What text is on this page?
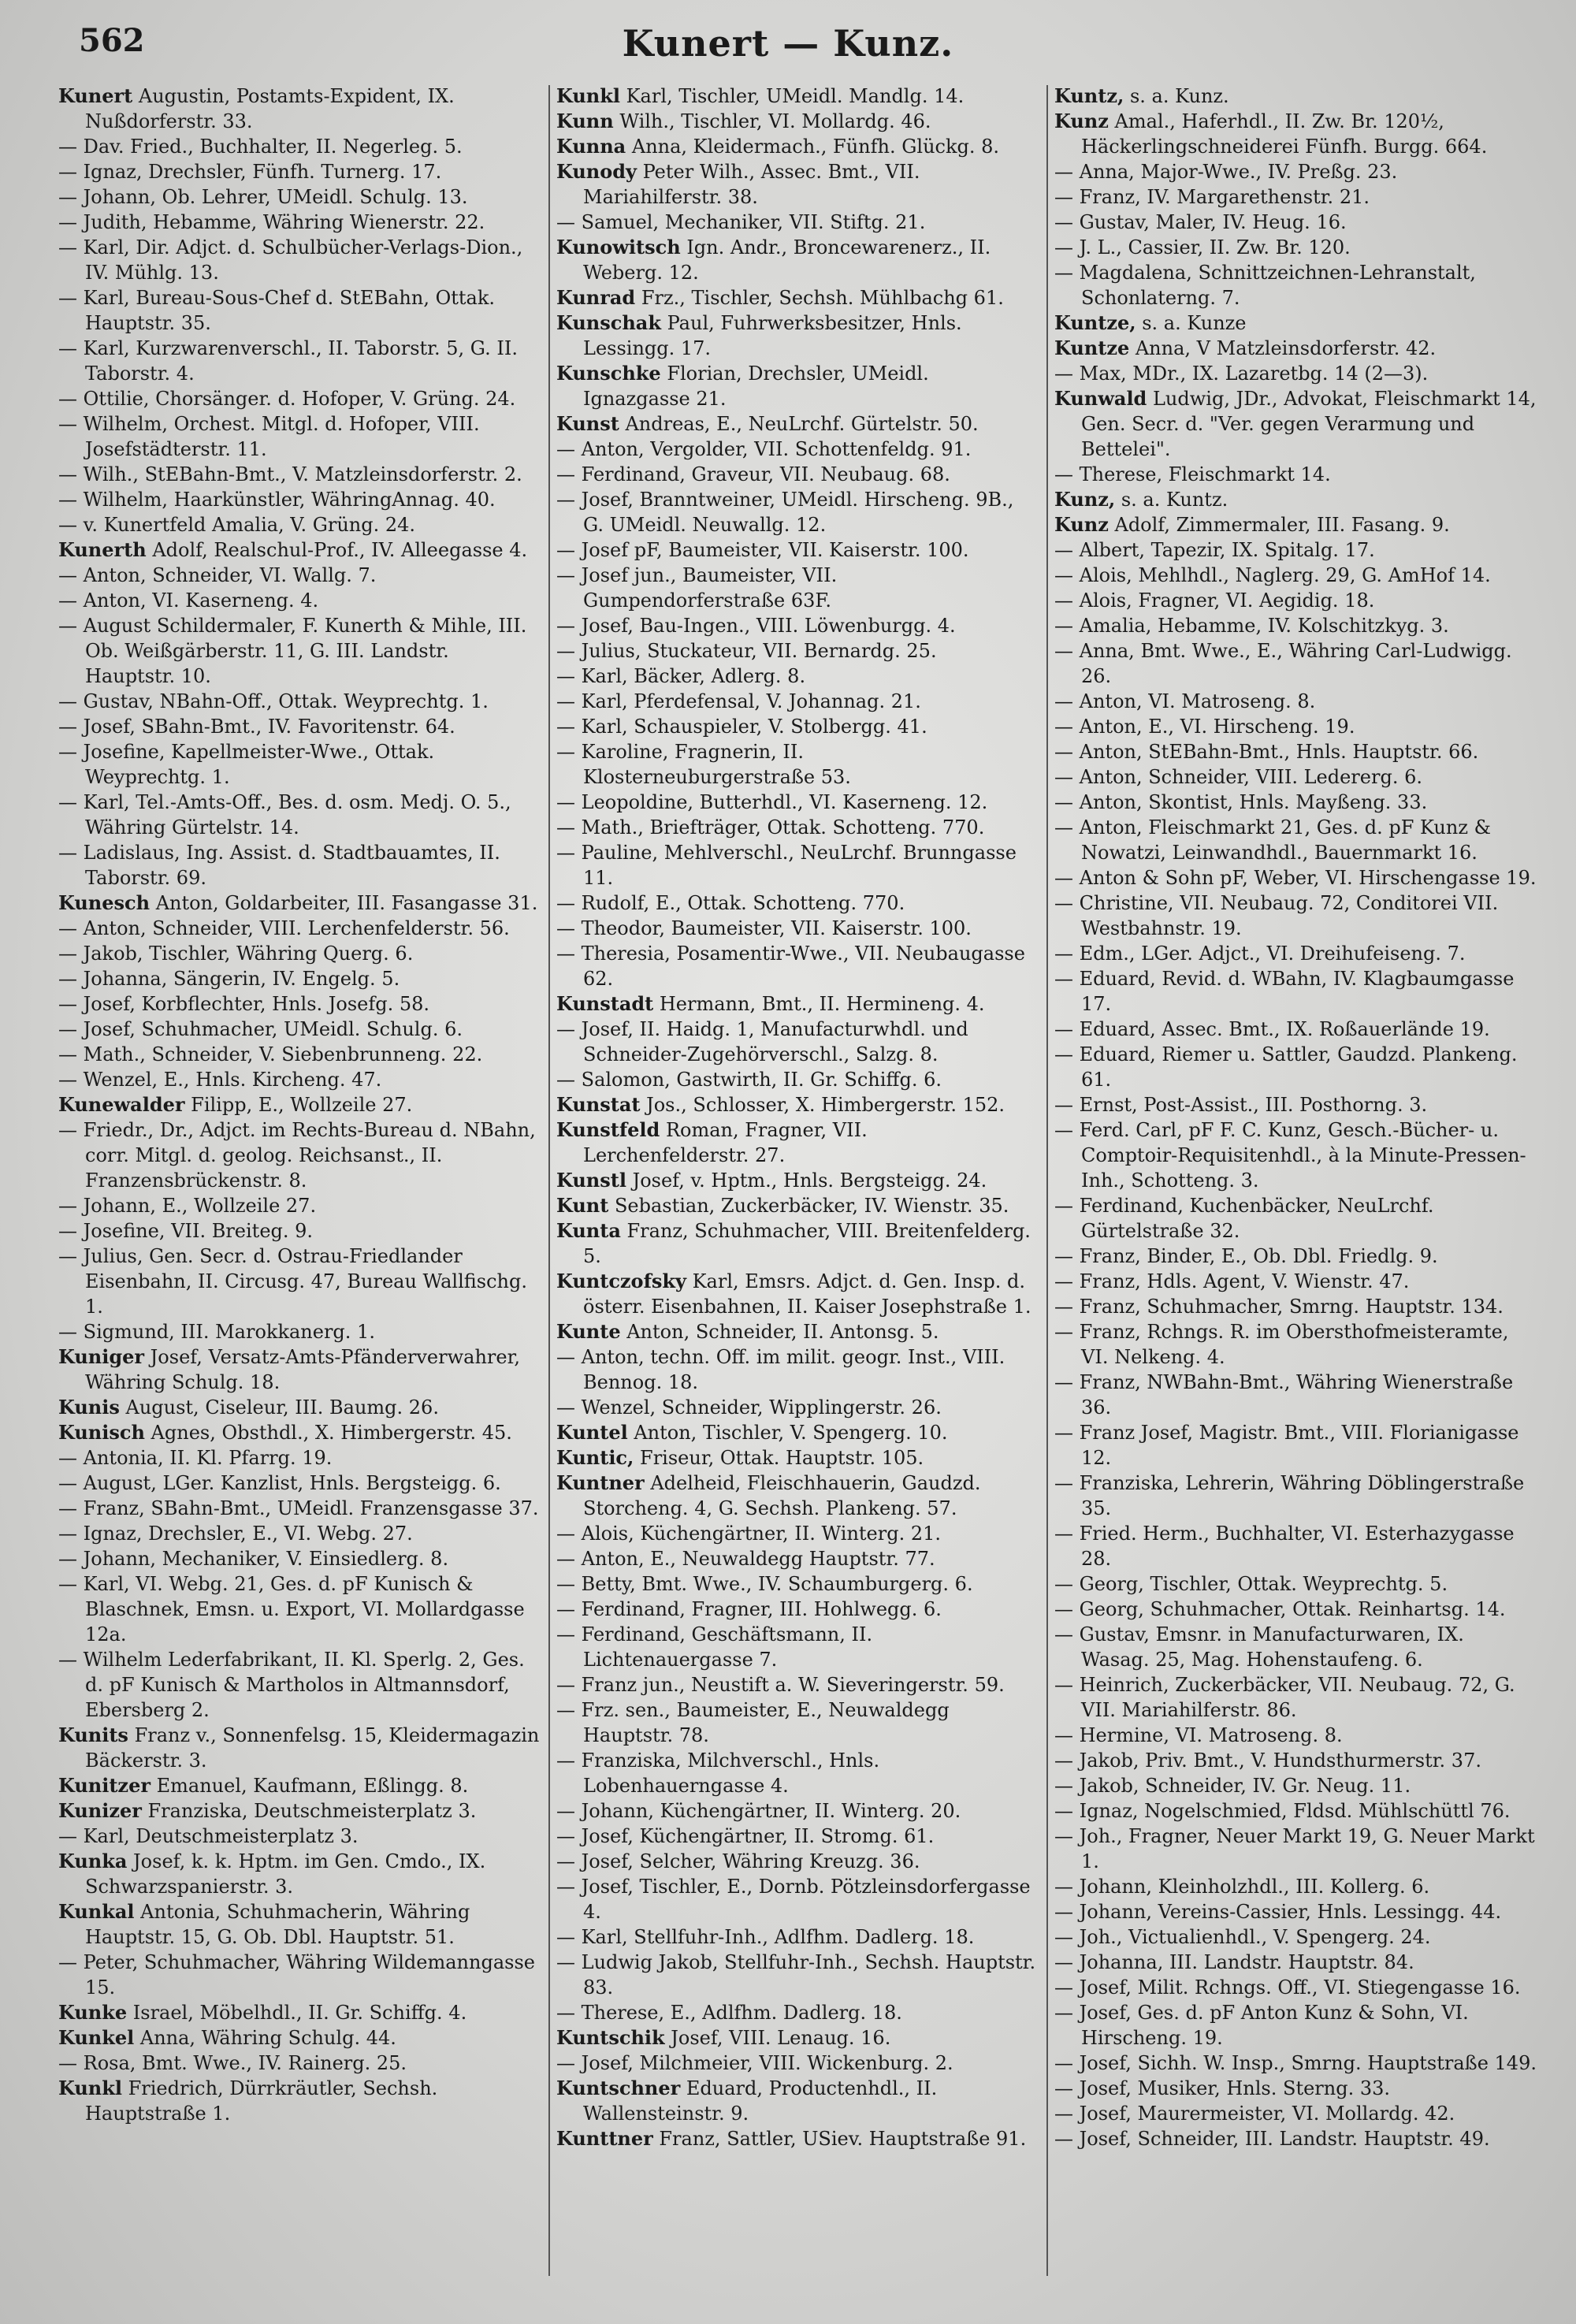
562	Kunert — Kunz.
Kunert Augustin, Postamts-Expident, IX. Nußdorferstr. 33.
— Dav. Fried., Buchhalter, II. Negerleg. 5.
— Ignaz, Drechsler, Fünfh. Turnerg. 17.
— Johann, Ob. Lehrer, UMeidl. Schulg. 13.
— Judith, Hebamme, Währing Wienerstr. 22.
— Karl, Dir. Adjct. d. Schulbücher-Verlags-Dion., IV. Mühlg. 13.
— Karl, Bureau-Sous-Chef d. StEBahn, Ottak. Hauptstr. 35.
— Karl, Kurzwarenverschl., II. Taborstr. 5, G. II. Taborstr. 4.
— Ottilie, Chorsänger. d. Hofoper, V. Grüng. 24.
— Wilhelm, Orchest. Mitgl. d. Hofoper, VIII. Josefstädterstr. 11.
— Wilh., StEBahn-Bmt., V. Matzleinsdorferstr. 2.
— Wilhelm, Haarkünstler, WähringAnnag. 40.
— v. Kunertfeld Amalia, V. Grüng. 24.
Kunerth Adolf, Realschul-Prof., IV. Alleegasse 4.
— Anton, Schneider, VI. Wallg. 7.
— Anton, VI. Kaserneng. 4.
— August Schildermaler, F. Kunerth & Mihle, III. Ob. Weißgärberstr. 11, G. III. Landstr. Hauptstr. 10.
— Gustav, NBahn-Off., Ottak. Weyprechtg. 1.
— Josef, SBahn-Bmt., IV. Favoritenstr. 64.
— Josefine, Kapellmeister-Wwe., Ottak. Weyprechtg. 1.
— Karl, Tel.-Amts-Off., Bes. d. osm. Medj. O. 5., Währing Gürtelstr. 14.
— Ladislaus, Ing. Assist. d. Stadtbauamtes, II. Taborstr. 69.
Kunesch Anton, Goldarbeiter, III. Fasangasse 31.
— Anton, Schneider, VIII. Lerchenfelderstr. 56.
— Jakob, Tischler, Währing Querg. 6.
— Johanna, Sängerin, IV. Engelg. 5.
— Josef, Korbflechter, Hnls. Josefg. 58.
— Josef, Schuhmacher, UMeidl. Schulg. 6.
— Math., Schneider, V. Siebenbrunneng. 22.
— Wenzel, E., Hnls. Kircheng. 47.
Kunewalder Filipp, E., Wollzeile 27.
— Friedr., Dr., Adjct. im Rechts-Bureau d. NBahn, corr. Mitgl. d. geolog. Reichsanst., II. Franzensbrückenstr. 8.
— Johann, E., Wollzeile 27.
— Josefine, VII. Breiteg. 9.
— Julius, Gen. Secr. d. Ostrau-Friedlander Eisenbahn, II. Circusg. 47, Bureau Wallfischg. 1.
— Sigmund, III. Marokkanerg. 1.
Kuniger Josef, Versatz-Amts-Pfänderverwahrer, Währing Schulg. 18.
Kunis August, Ciseleur, III. Baumg. 26.
Kunisch Agnes, Obsthdl., X. Himbergerstr. 45.
— Antonia, II. Kl. Pfarrg. 19.
— August, LGer. Kanzlist, Hnls. Bergsteigg. 6.
— Franz, SBahn-Bmt., UMeidl. Franzensgasse 37.
— Ignaz, Drechsler, E., VI. Webg. 27.
— Johann, Mechaniker, V. Einsiedlerg. 8.
— Karl, VI. Webg. 21, Ges. d. pF Kunisch & Blaschnek, Emsn. u. Export, VI. Mollardgasse 12a.
— Wilhelm Lederfabrikant, II. Kl. Sperlg. 2, Ges. d. pF Kunisch & Martholos in Altmannsdorf, Ebersberg 2.
Kunits Franz v., Sonnenfelsg. 15, Kleidermagazin Bäckerstr. 3.
Kunitzer Emanuel, Kaufmann, Eßlingg. 8.
Kunizer Franziska, Deutschmeisterplatz 3.
— Karl, Deutschmeisterplatz 3.
Kunka Josef, k. k. Hptm. im Gen. Cmdo., IX. Schwarzspanierstr. 3.
Kunkal Antonia, Schuhmacherin, Währing Hauptstr. 15, G. Ob. Dbl. Hauptstr. 51.
— Peter, Schuhmacher, Währing Wildemanngasse 15.
Kunke Israel, Möbelhdl., II. Gr. Schiffg. 4.
Kunkel Anna, Währing Schulg. 44.
— Rosa, Bmt. Wwe., IV. Rainerg. 25.
Kunkl Friedrich, Dürrkräutler, Sechsh. Hauptstraße 1.
Kunkl Karl, Tischler, UMeidl. Mandlg. 14.
Kunn Wilh., Tischler, VI. Mollardg. 46.
Kunna Anna, Kleidermach., Fünfh. Glückg. 8.
Kunody Peter Wilh., Assec. Bmt., VII. Mariahilferstr. 38.
— Samuel, Mechaniker, VII. Stiftg. 21.
Kunowitsch Ign. Andr., Broncewarenerz., II. Weberg. 12.
Kunrad Frz., Tischler, Sechsh. Mühlbachg 61.
Kunschak Paul, Fuhrwerksbesitzer, Hnls. Lessingg. 17.
Kunschke Florian, Drechsler, UMeidl. Ignazgasse 21.
Kunst Andreas, E., NeuLrchf. Gürtelstr. 50.
— Anton, Vergolder, VII. Schottenfeldg. 91.
— Ferdinand, Graveur, VII. Neubaug. 68.
— Josef, Branntweiner, UMeidl. Hirscheng. 9B., G. UMeidl. Neuwallg. 12.
— Josef pF, Baumeister, VII. Kaiserstr. 100.
— Josef jun., Baumeister, VII. Gumpendorferstraße 63F.
— Josef, Bau-Ingen., VIII. Löwenburgg. 4.
— Julius, Stuckateur, VII. Bernardg. 25.
— Karl, Bäcker, Adlerg. 8.
— Karl, Pferdefensal, V. Johannag. 21.
— Karl, Schauspieler, V. Stolbergg. 41.
— Karoline, Fragnerin, II. Klosterneuburgerstraße 53.
— Leopoldine, Butterhdl., VI. Kaserneng. 12.
— Math., Briefträger, Ottak. Schotteng. 770.
— Pauline, Mehlverschl., NeuLrchf. Brunngasse 11.
— Rudolf, E., Ottak. Schotteng. 770.
— Theodor, Baumeister, VII. Kaiserstr. 100.
— Theresia, Posamentir-Wwe., VII. Neubaugasse 62.
Kunstadt Hermann, Bmt., II. Hermineng. 4.
— Josef, II. Haidg. 1, Manufacturwhdl. und Schneider-Zugehörverschl., Salzg. 8.
— Salomon, Gastwirth, II. Gr. Schiffg. 6.
Kunstat Jos., Schlosser, X. Himbergerstr. 152.
Kunstfeld Roman, Fragner, VII. Lerchenfelderstr. 27.
Kunstl Josef, v. Hptm., Hnls. Bergsteigg. 24.
Kunt Sebastian, Zuckerbäcker, IV. Wienstr. 35.
Kunta Franz, Schuhmacher, VIII. Breitenfelderg. 5.
Kuntczofsky Karl, Emsrs. Adjct. d. Gen. Insp. d. österr. Eisenbahnen, II. Kaiser Josephstraße 1.
Kunte Anton, Schneider, II. Antonsg. 5.
— Anton, techn. Off. im milit. geogr. Inst., VIII. Bennog. 18.
— Wenzel, Schneider, Wipplingerstr. 26.
Kuntel Anton, Tischler, V. Spengerg. 10.
Kuntic, Friseur, Ottak. Hauptstr. 105.
Kuntner Adelheid, Fleischhauerin, Gaudzd. Storcheng. 4, G. Sechsh. Plankeng. 57.
— Alois, Küchengärtner, II. Winterg. 21.
— Anton, E., Neuwaldegg Hauptstr. 77.
— Betty, Bmt. Wwe., IV. Schaumburgerg. 6.
— Ferdinand, Fragner, III. Hohlwegg. 6.
— Ferdinand, Geschäftsmann, II. Lichtenauergasse 7.
— Franz jun., Neustift a. W. Sieveringerstr. 59.
— Frz. sen., Baumeister, E., Neuwaldegg Hauptstr. 78.
— Franziska, Milchverschl., Hnls. Lobenhauerngasse 4.
— Johann, Küchengärtner, II. Winterg. 20.
— Josef, Küchengärtner, II. Stromg. 61.
— Josef, Selcher, Währing Kreuzg. 36.
— Josef, Tischler, E., Dornb. Pötzleinsdorfergasse 4.
— Karl, Stellfuhr-Inh., Adlfhm. Dadlerg. 18.
— Ludwig Jakob, Stellfuhr-Inh., Sechsh. Hauptstr. 83.
— Therese, E., Adlfhm. Dadlerg. 18.
Kuntschik Josef, VIII. Lenaug. 16.
— Josef, Milchmeier, VIII. Wickenburg. 2.
Kuntschner Eduard, Productenhdl., II. Wallensteinstr. 9.
Kunttner Franz, Sattler, USiev. Hauptstraße 91.
Kuntz, s. a. Kunz.
Kunz Amal., Haferhdl., II. Zw. Br. 120½, Häckerlingschneiderei Fünfh. Burgg. 664.
— Anna, Major-Wwe., IV. Preßg. 23.
— Franz, IV. Margarethenstr. 21.
— Gustav, Maler, IV. Heug. 16.
— J. L., Cassier, II. Zw. Br. 120.
— Magdalena, Schnittzeichnen-Lehranstalt, Schonlaterng. 7.
Kuntze, s. a. Kunze
Kuntze Anna, V Matzleinsdorferstr. 42.
— Max, MDr., IX. Lazaretbg. 14 (2—3).
Kunwald Ludwig, JDr., Advokat, Fleischmarkt 14, Gen. Secr. d. "Ver. gegen Verarmung und Bettelei".
— Therese, Fleischmarkt 14.
Kunz, s. a. Kuntz.
Kunz Adolf, Zimmermaler, III. Fasang. 9.
— Albert, Tapezir, IX. Spitalg. 17.
— Alois, Mehlhdl., Naglerg. 29, G. AmHof 14.
— Alois, Fragner, VI. Aegidig. 18.
— Amalia, Hebamme, IV. Kolschitzkyg. 3.
— Anna, Bmt. Wwe., E., Währing Carl-Ludwigg. 26.
— Anton, VI. Matroseng. 8.
— Anton, E., VI. Hirscheng. 19.
— Anton, StEBahn-Bmt., Hnls. Hauptstr. 66.
— Anton, Schneider, VIII. Ledererg. 6.
— Anton, Skontist, Hnls. Mayßeng. 33.
— Anton, Fleischmarkt 21, Ges. d. pF Kunz & Nowatzi, Leinwandhdl., Bauernmarkt 16.
— Anton & Sohn pF, Weber, VI. Hirschengasse 19.
— Christine, VII. Neubaug. 72, Conditorei VII. Westbahnstr. 19.
— Edm., LGer. Adjct., VI. Dreihufeiseng. 7.
— Eduard, Revid. d. WBahn, IV. Klagbaumgasse 17.
— Eduard, Assec. Bmt., IX. Roßauerlände 19.
— Eduard, Riemer u. Sattler, Gaudzd. Plankeng. 61.
— Ernst, Post-Assist., III. Posthorng. 3.
— Ferd. Carl, pF F. C. Kunz, Gesch.-Bücher- u. Comptoir-Requisitenhdl., à la Minute-Pressen-Inh., Schotteng. 3.
— Ferdinand, Kuchenbäcker, NeuLrchf. Gürtelstraße 32.
— Franz, Binder, E., Ob. Dbl. Friedlg. 9.
— Franz, Hdls. Agent, V. Wienstr. 47.
— Franz, Schuhmacher, Smrng. Hauptstr. 134.
— Franz, Rchngs. R. im Obersthofmeisteramte, VI. Nelkeng. 4.
— Franz, NWBahn-Bmt., Währing Wienerstraße 36.
— Franz Josef, Magistr. Bmt., VIII. Florianigasse 12.
— Franziska, Lehrerin, Währing Döblingerstraße 35.
— Fried. Herm., Buchhalter, VI. Esterhazygasse 28.
— Georg, Tischler, Ottak. Weyprechtg. 5.
— Georg, Schuhmacher, Ottak. Reinhartsg. 14.
— Gustav, Emsnr. in Manufacturwaren, IX. Wasag. 25, Mag. Hohenstaufeng. 6.
— Heinrich, Zuckerbäcker, VII. Neubaug. 72, G. VII. Mariahilferstr. 86.
— Hermine, VI. Matroseng. 8.
— Jakob, Priv. Bmt., V. Hundsthurmerstr. 37.
— Jakob, Schneider, IV. Gr. Neug. 11.
— Ignaz, Nogelschmied, Fldsd. Mühlschüttl 76.
— Joh., Fragner, Neuer Markt 19, G. Neuer Markt 1.
— Johann, Kleinholzhdl., III. Kollerg. 6.
— Johann, Vereins-Cassier, Hnls. Lessingg. 44.
— Joh., Victualienhdl., V. Spengerg. 24.
— Johanna, III. Landstr. Hauptstr. 84.
— Josef, Milit. Rchngs. Off., VI. Stiegengasse 16.
— Josef, Ges. d. pF Anton Kunz & Sohn, VI. Hirscheng. 19.
— Josef, Sichh. W. Insp., Smrng. Hauptstraße 149.
— Josef, Musiker, Hnls. Sterng. 33.
— Josef, Maurermeister, VI. Mollardg. 42.
— Josef, Schneider, III. Landstr. Hauptstr. 49.
